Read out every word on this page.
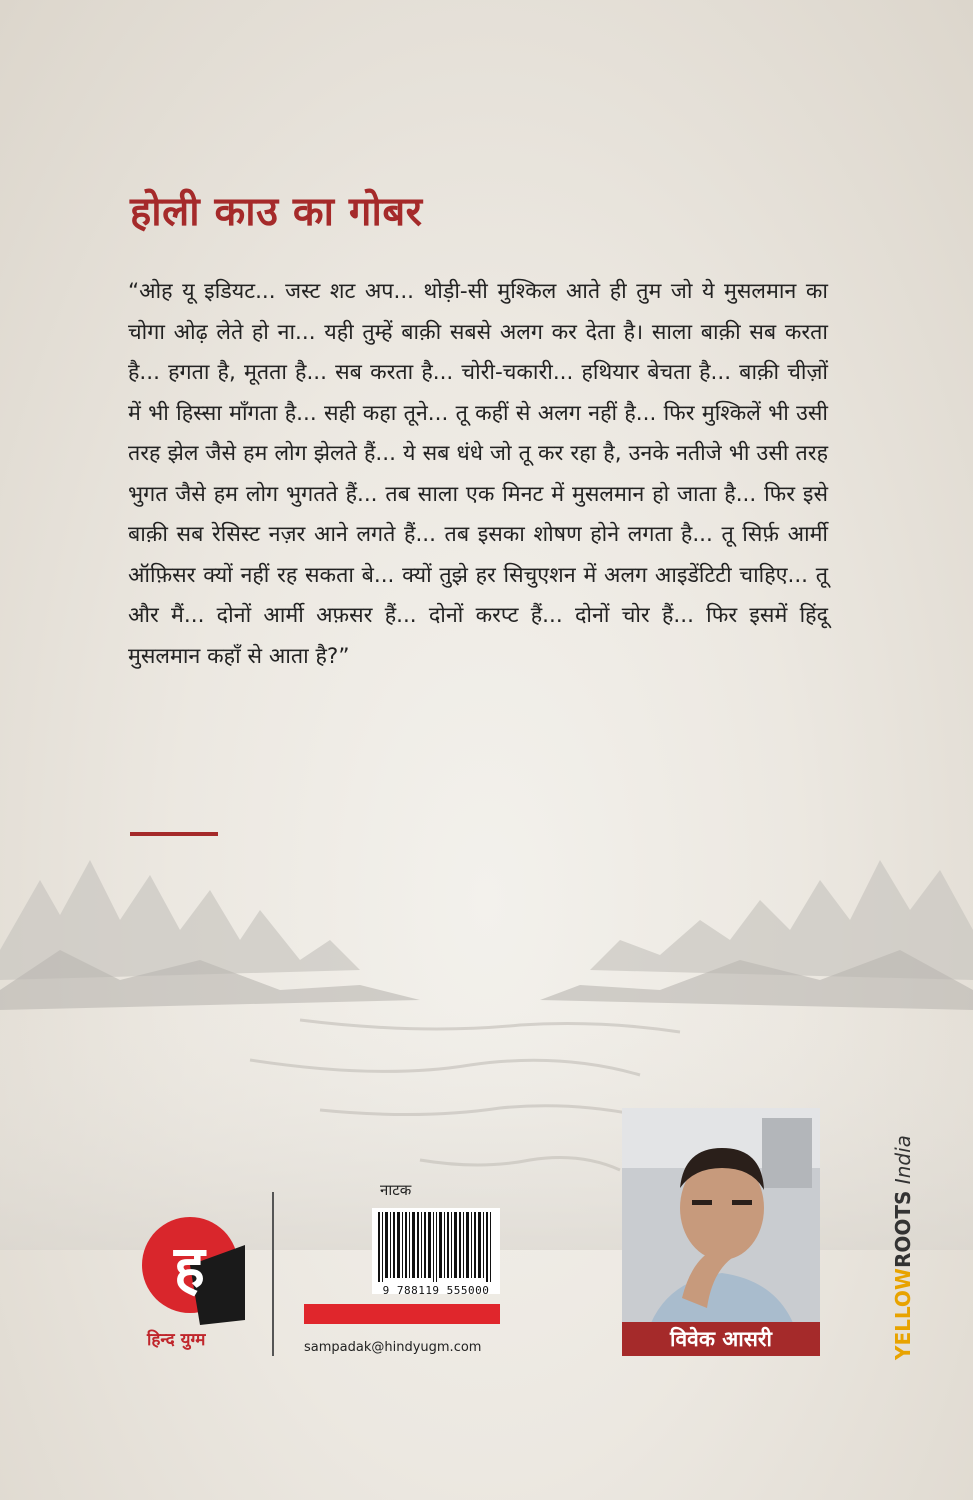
होली काउ का गोबर

“ओह यू इडियट... जस्ट शट अप... थोड़ी-सी मुश्किल आते ही तुम जो ये मुसलमान का चोगा ओढ़ लेते हो ना... यही तुम्हें बाक़ी सबसे अलग कर देता है। साला बाक़ी सब करता है... हगता है, मूतता है... सब करता है... चोरी-चकारी... हथियार बेचता है... बाक़ी चीज़ों में भी हिस्सा माँगता है... सही कहा तूने... तू कहीं से अलग नहीं है... फिर मुश्किलें भी उसी तरह झेल जैसे हम लोग झेलते हैं... ये सब धंधे जो तू कर रहा है, उनके नतीजे भी उसी तरह भुगत जैसे हम लोग भुगतते हैं... तब साला एक मिनट में मुसलमान हो जाता है... फिर इसे बाक़ी सब रेसिस्ट नज़र आने लगते हैं... तब इसका शोषण होने लगता है... तू सिर्फ़ आर्मी ऑफ़िसर क्यों नहीं रह सकता बे... क्यों तुझे हर सिचुएशन में अलग आइडेंटिटी चाहिए... तू और मैं... दोनों आर्मी अफ़सर हैं... दोनों करप्ट हैं... दोनों चोर हैं... फिर इसमें हिंदू मुसलमान कहाँ से आता है?”

ह
हिन्द युग्म
नाटक
9 788119 555000
sampadak@hindyugm.com	विवेक आसरी	YELLOWROOTS India
